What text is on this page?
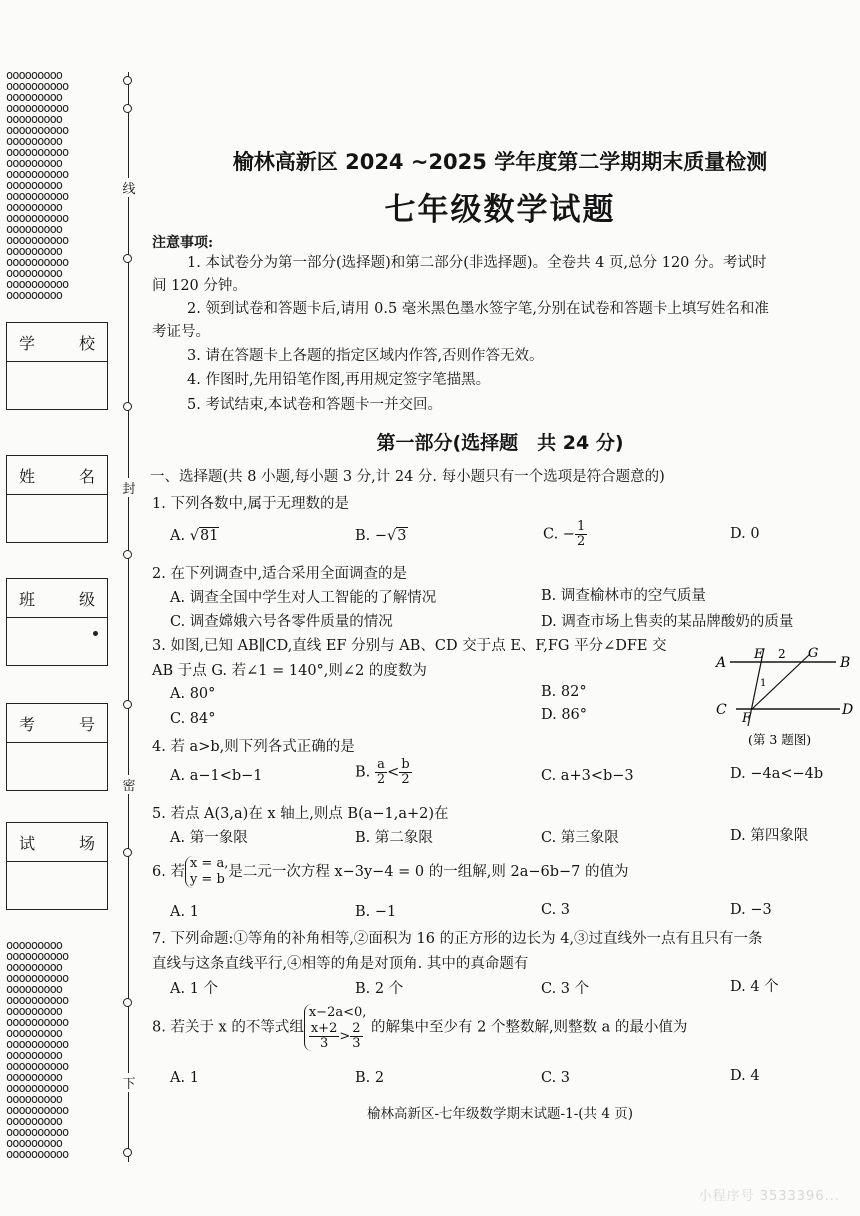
ooooooooo
oooooooooo
ooooooooo
oooooooooo
ooooooooo
oooooooooo
ooooooooo
oooooooooo
ooooooooo
oooooooooo
ooooooooo
oooooooooo
ooooooooo
oooooooooo
ooooooooo
oooooooooo
ooooooooo
oooooooooo
ooooooooo
oooooooooo
ooooooooo
学	校
姓	名
班	级
考	号
试	场
ooooooooo
oooooooooo
ooooooooo
oooooooooo
ooooooooo
oooooooooo
ooooooooo
oooooooooo
ooooooooo
oooooooooo
ooooooooo
oooooooooo
ooooooooo
oooooooooo
ooooooooo
oooooooooo
ooooooooo
oooooooooo
ooooooooo
oooooooooo
线
封
密
下
榆林高新区 2024 ~2025 学年度第二学期期末质量检测
七年级数学试题
注意事项:
1. 本试卷分为第一部分(选择题)和第二部分(非选择题)。全卷共 4 页,总分 120 分。考试时
间 120 分钟。
2. 领到试卷和答题卡后,请用 0.5 毫米黑色墨水签字笔,分别在试卷和答题卡上填写姓名和准
考证号。
3. 请在答题卡上各题的指定区域内作答,否则作答无效。
4. 作图时,先用铅笔作图,再用规定签字笔描黑。
5. 考试结束,本试卷和答题卡一并交回。
第一部分(选择题　共 24 分)
一、选择题(共 8 小题,每小题 3 分,计 24 分. 每小题只有一个选项是符合题意的)
1. 下列各数中,属于无理数的是
A. √81	B. −√3	C. − $\frac{1}{2}$	D. 0
2. 在下列调查中,适合采用全面调查的是
A. 调查全国中学生对人工智能的了解情况	B. 调查榆林市的空气质量
C. 调查嫦娥六号各零件质量的情况	D. 调查市场上售卖的某品牌酸奶的质量
3. 如图,已知 AB∥CD,直线 EF 分别与 AB、CD 交于点 E、F,FG 平分∠DFE 交
AB 于点 G. 若∠1 = 140°,则∠2 的度数为
A. 80°	B. 82°
C. 84°	D. 86°
A	B
C	D
E
F
G
2
1
(第 3 题图)
4. 若 a>b,则下列各式正确的是
A. a−1<b−1	B. $\frac{a}{2} < \frac{b}{2}$	C. a+3<b−3	D. −4a<−4b
5. 若点 A(3,a)在 x 轴上,则点 B(a−1,a+2)在
A. 第一象限	B. 第二象限	C. 第三象限	D. 第四象限
6. 若
x = a,
y = b 是二元一次方程 x−3y−4 = 0 的一组解,则 2a−6b−7 的值为
A. 1	B. −1	C. 3	D. −3
7. 下列命题:①等角的补角相等,②面积为 16 的正方形的边长为 4,③过直线外一点有且只有一条
直线与这条直线平行,④相等的角是对顶角. 其中的真命题有
A. 1 个	B. 2 个	C. 3 个	D. 4 个
8. 若关于 x 的不等式组
x−2a<0,
$\frac{x+2}{3} > \frac{2}{3}$ 的解集中至少有 2 个整数解,则整数 a 的最小值为
A. 1	B. 2	C. 3	D. 4
榆林高新区-七年级数学期末试题-1-(共 4 页)
小程序号 3533396...
